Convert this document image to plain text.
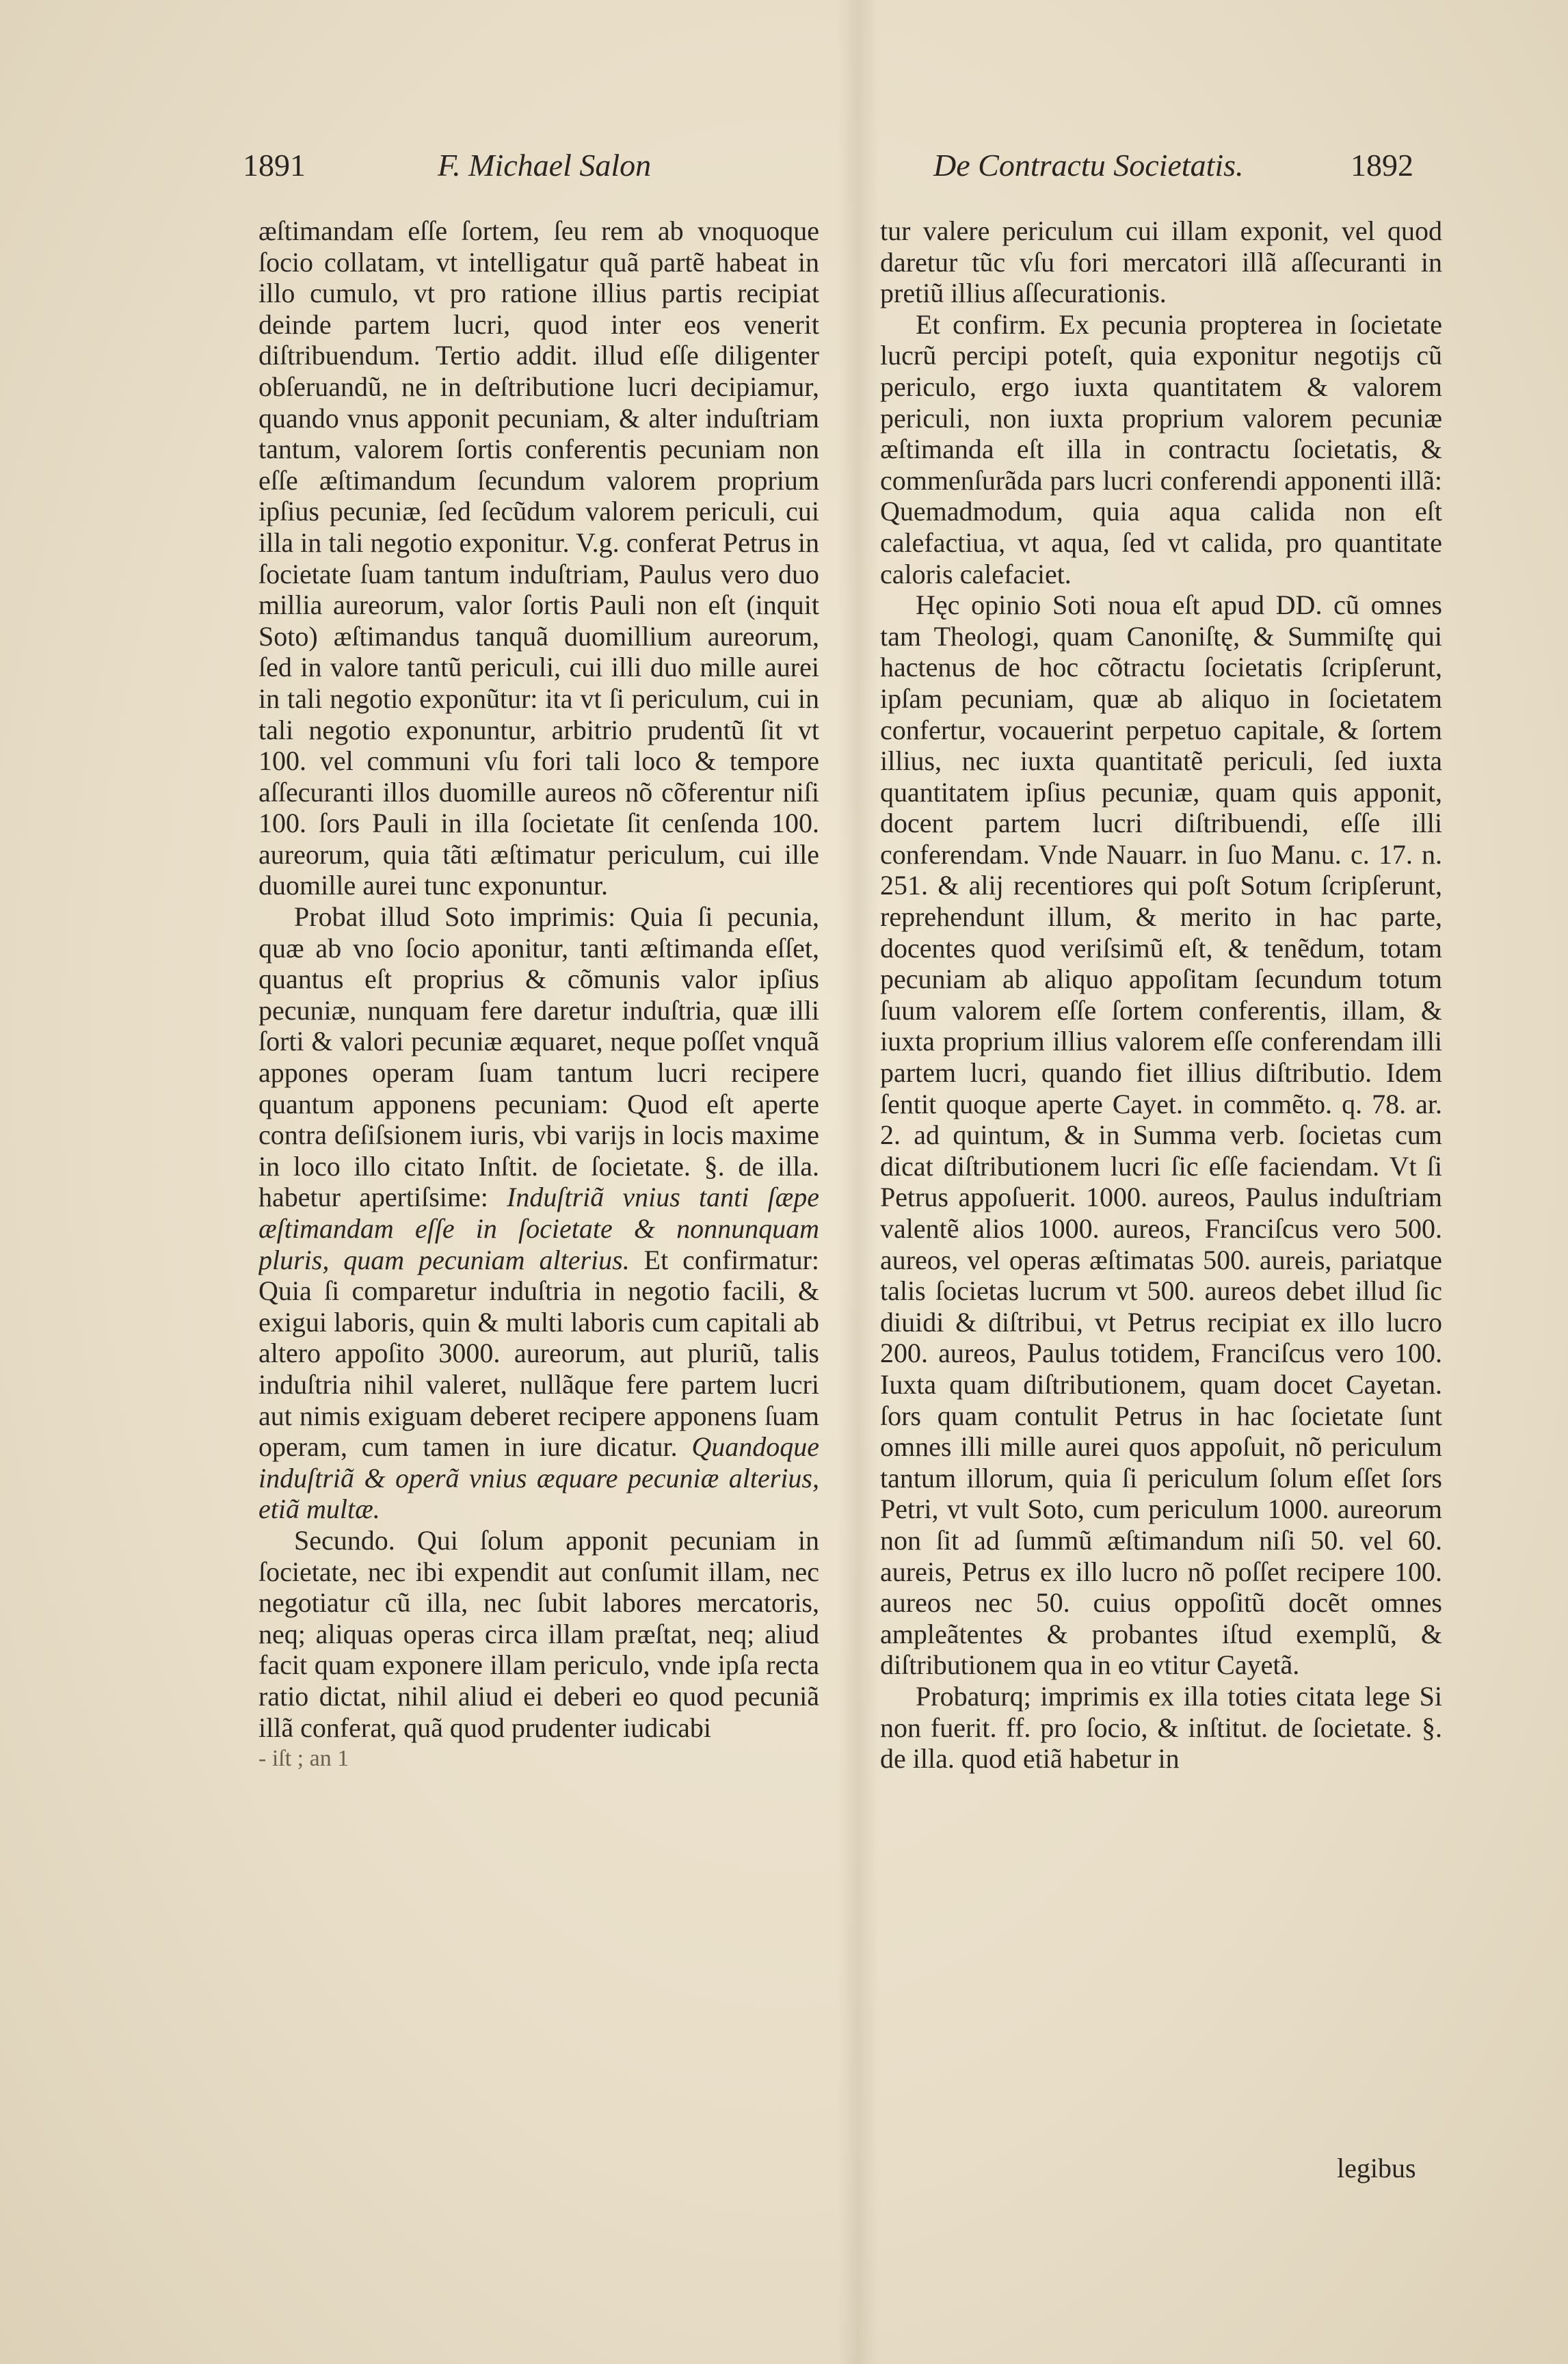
1891	F. Michael Salon	De Contractu Societatis.	1892

æſtimandam eſſe ſortem, ſeu rem ab vnoquoque ſocio collatam, vt intelligatur quã partẽ habeat in illo cumulo, vt pro ratione illius partis recipiat deinde partem lucri, quod inter eos venerit diſtribuendum. Tertio addit. illud eſſe diligenter obſeruandũ, ne in deſtributione lucri decipiamur, quando vnus apponit pecuniam, & alter induſtriam tantum, valorem ſortis conferentis pecuniam non eſſe æſtimandum ſecundum valorem proprium ipſius pecuniæ, ſed ſecũdum valorem periculi, cui illa in tali negotio exponitur. V.g. conferat Petrus in ſocietate ſuam tantum induſtriam, Paulus vero duo millia aureorum, valor ſortis Pauli non eſt (inquit Soto) æſtimandus tanquã duomillium aureorum, ſed in valore tantũ periculi, cui illi duo mille aurei in tali negotio exponũtur: ita vt ſi periculum, cui in tali negotio exponuntur, arbitrio prudentũ ſit vt 100. vel communi vſu fori tali loco & tempore aſſecuranti illos duomille aureos nõ cõferentur niſi 100. ſors Pauli in illa ſocietate ſit cenſenda 100. aureorum, quia tãti æſtimatur periculum, cui ille duomille aurei tunc exponuntur.

Probat illud Soto imprimis: Quia ſi pecunia, quæ ab vno ſocio aponitur, tanti æſtimanda eſſet, quantus eſt proprius & cõmunis valor ipſius pecuniæ, nunquam fere daretur induſtria, quæ illi ſorti & valori pecuniæ æquaret, neque poſſet vnquã appones operam ſuam tantum lucri recipere quantum apponens pecuniam: Quod eſt aperte contra deſiſsionem iuris, vbi varijs in locis maxime in loco illo citato Inſtit. de ſocietate. §. de illa. habetur apertiſsime: Induſtriã vnius tanti ſæpe æſtimandam eſſe in ſocietate & nonnunquam pluris, quam pecuniam alterius. Et confirmatur: Quia ſi comparetur induſtria in negotio facili, & exigui laboris, quin & multi laboris cum capitali ab altero appoſito 3000. aureorum, aut pluriũ, talis induſtria nihil valeret, nullãque fere partem lucri aut nimis exiguam deberet recipere apponens ſuam operam, cum tamen in iure dicatur. Quandoque induſtriã & operã vnius æquare pecuniæ alterius, etiã multæ.

Secundo. Qui ſolum apponit pecuniam in ſocietate, nec ibi expendit aut conſumit illam, nec negotiatur cũ illa, nec ſubit labores mercatoris, neq; aliquas operas circa illam præſtat, neq; aliud facit quam exponere illam periculo, vnde ipſa recta ratio dictat, nihil aliud ei deberi eo quod pecuniã illã conferat, quã quod prudenter iudicabi

- iſt ; an 1

tur valere periculum cui illam exponit, vel quod daretur tũc vſu fori mercatori illã aſſecuranti in pretiũ illius aſſecurationis.

Et confirm. Ex pecunia propterea in ſocietate lucrũ percipi poteſt, quia exponitur negotijs cũ periculo, ergo iuxta quantitatem & valorem periculi, non iuxta proprium valorem pecuniæ æſtimanda eſt illa in contractu ſocietatis, & commenſurãda pars lucri conferendi apponenti illã: Quemadmodum, quia aqua calida non eſt calefactiua, vt aqua, ſed vt calida, pro quantitate caloris calefaciet.

Hęc opinio Soti noua eſt apud DD. cũ omnes tam Theologi, quam Canoniſtę, & Summiſtę qui hactenus de hoc cõtractu ſocietatis ſcripſerunt, ipſam pecuniam, quæ ab aliquo in ſocietatem confertur, vocauerint perpetuo capitale, & ſortem illius, nec iuxta quantitatẽ periculi, ſed iuxta quantitatem ipſius pecuniæ, quam quis apponit, docent partem lucri diſtribuendi, eſſe illi conferendam. Vnde Nauarr. in ſuo Manu. c. 17. n. 251. & alij recentiores qui poſt Sotum ſcripſerunt, reprehendunt illum, & merito in hac parte, docentes quod veriſsimũ eſt, & tenẽdum, totam pecuniam ab aliquo appoſitam ſecundum totum ſuum valorem eſſe ſortem conferentis, illam, & iuxta proprium illius valorem eſſe conferendam illi partem lucri, quando fiet illius diſtributio. Idem ſentit quoque aperte Cayet. in commẽto. q. 78. ar. 2. ad quintum, & in Summa verb. ſocietas cum dicat diſtributionem lucri ſic eſſe faciendam. Vt ſi Petrus appoſuerit. 1000. aureos, Paulus induſtriam valentẽ alios 1000. aureos, Franciſcus vero 500. aureos, vel operas æſtimatas 500. aureis, pariatque talis ſocietas lucrum vt 500. aureos debet illud ſic diuidi & diſtribui, vt Petrus recipiat ex illo lucro 200. aureos, Paulus totidem, Franciſcus vero 100. Iuxta quam diſtributionem, quam docet Cayetan. ſors quam contulit Petrus in hac ſocietate ſunt omnes illi mille aurei quos appoſuit, nõ periculum tantum illorum, quia ſi periculum ſolum eſſet ſors Petri, vt vult Soto, cum periculum 1000. aureorum non ſit ad ſummũ æſtimandum niſi 50. vel 60. aureis, Petrus ex illo lucro nõ poſſet recipere 100. aureos nec 50. cuius oppoſitũ docẽt omnes ampleãtentes & probantes iſtud exemplũ, & diſtributionem qua in eo vtitur Cayetã.

Probaturq; imprimis ex illa toties citata lege Si non fuerit. ff. pro ſocio, & inſtitut. de ſocietate. §. de illa. quod etiã habetur in

legibus
